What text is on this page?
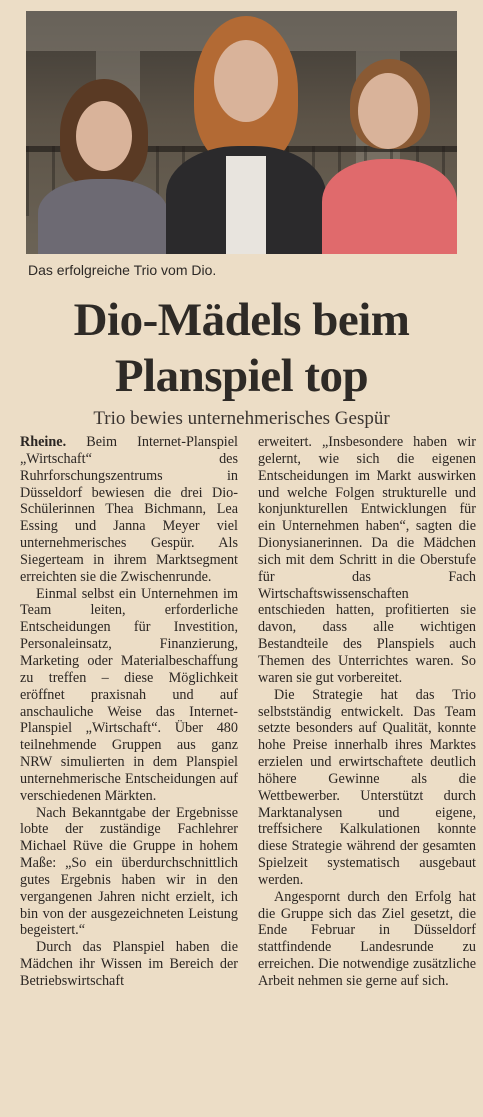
Das erfolgreiche Trio vom Dio.
Dio-Mädels beim
Planspiel top
Trio bewies unternehmerisches Gespür

Rheine. Beim Internet-Planspiel „Wirtschaft“ des Ruhrforschungszentrums in Düsseldorf bewiesen die drei Dio-Schülerinnen Thea Bichmann, Lea Essing und Janna Meyer viel unternehmerisches Gespür. Als Siegerteam in ihrem Marktsegment erreichten sie die Zwischenrunde.

Einmal selbst ein Unternehmen im Team leiten, erforderliche Entscheidungen für Investition, Personaleinsatz, Finanzierung, Marketing oder Materialbeschaffung zu treffen – diese Möglichkeit eröffnet praxisnah und auf anschauliche Weise das Internet-Planspiel „Wirtschaft“. Über 480 teilnehmende Gruppen aus ganz NRW simulierten in dem Planspiel unternehmerische Entscheidungen auf verschiedenen Märkten.

Nach Bekanntgabe der Ergebnisse lobte der zuständige Fachlehrer Michael Rüve die Gruppe in hohem Maße: „So ein überdurchschnittlich gutes Ergebnis haben wir in den vergangenen Jahren nicht erzielt, ich bin von der ausgezeichneten Leistung begeistert.“

Durch das Planspiel haben die Mädchen ihr Wissen im Bereich der Betriebswirtschaft

erweitert. „Insbesondere haben wir gelernt, wie sich die eigenen Entscheidungen im Markt auswirken und welche Folgen strukturelle und konjunkturellen Entwicklungen für ein Unternehmen haben“, sagten die Dionysianerinnen. Da die Mädchen sich mit dem Schritt in die Oberstufe für das Fach Wirtschaftswissenschaften entschieden hatten, profitierten sie davon, dass alle wichtigen Bestandteile des Planspiels auch Themen des Unterrichtes waren. So waren sie gut vorbereitet.

Die Strategie hat das Trio selbstständig entwickelt. Das Team setzte besonders auf Qualität, konnte hohe Preise innerhalb ihres Marktes erzielen und erwirtschaftete deutlich höhere Gewinne als die Wettbewerber. Unterstützt durch Marktanalysen und eigene, treffsichere Kalkulationen konnte diese Strategie während der gesamten Spielzeit systematisch ausgebaut werden.

Angespornt durch den Erfolg hat die Gruppe sich das Ziel gesetzt, die Ende Februar in Düsseldorf stattfindende Landesrunde zu erreichen. Die notwendige zusätzliche Arbeit nehmen sie gerne auf sich.
